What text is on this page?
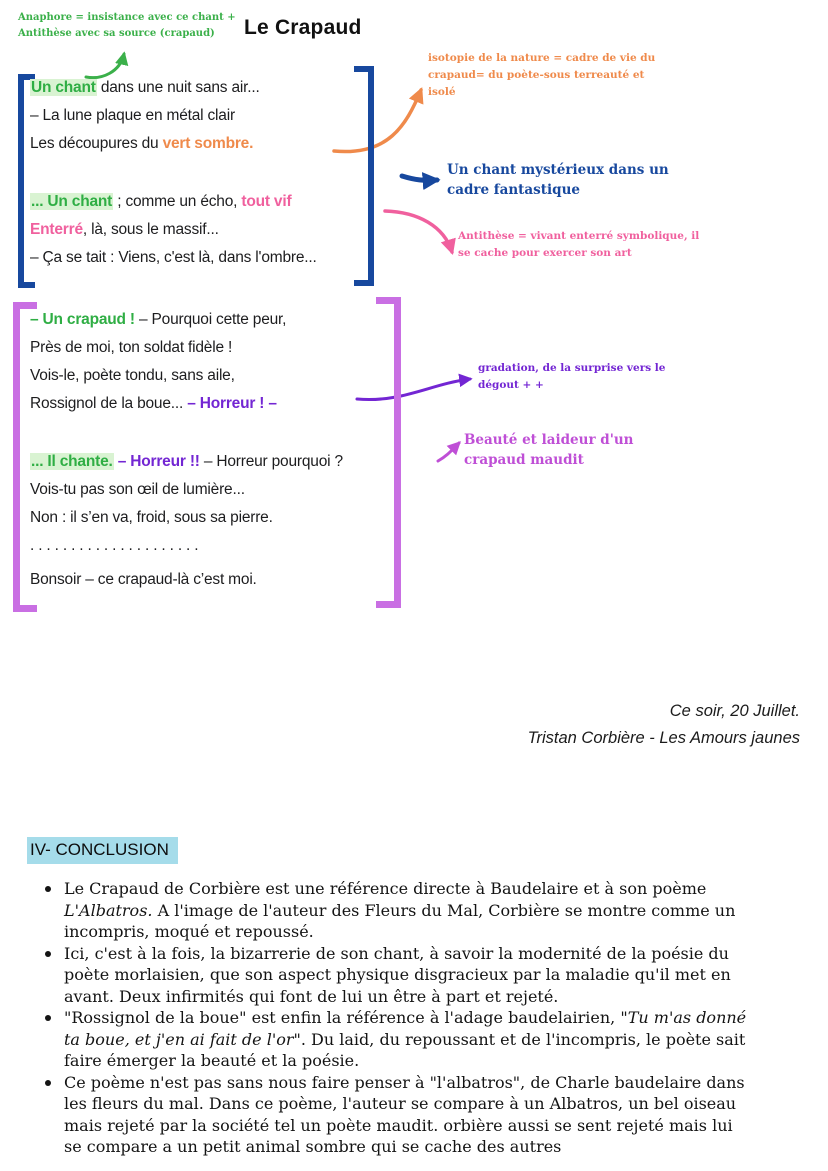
Anaphore = insistance avec ce chant +
Antithèse avec sa source (crapaud)	Le Crapaud
Un chant dans une nuit sans air...
– La lune plaque en métal clair
Les découpures du vert sombre.
... Un chant ; comme un écho, tout vif
Enterré, là, sous le massif...
– Ça se tait : Viens, c'est là, dans l'ombre...
isotopie de la nature = cadre de vie du crapaud= du poète-sous terreauté et isolé
Un chant mystérieux dans un cadre fantastique
Antithèse = vivant enterré symbolique, il se cache pour exercer son art
– Un crapaud ! – Pourquoi cette peur,
Près de moi, ton soldat fidèle !
Vois-le, poète tondu, sans aile,
Rossignol de la boue... – Horreur ! –
... Il chante. – Horreur !! – Horreur pourquoi ?
Vois-tu pas son œil de lumière...
Non : il s’en va, froid, sous sa pierre.
. . . . . . . . . . . . . . . . . . . . .
Bonsoir – ce crapaud-là c’est moi.
gradation, de la surprise vers le dégout + +
Beauté et laideur d'un crapaud maudit
Ce soir, 20 Juillet.
Tristan Corbière - Les Amours jaunes
IV- CONCLUSION
Le Crapaud de Corbière est une référence directe à Baudelaire et à son poème L'Albatros. A l'image de l'auteur des Fleurs du Mal, Corbière se montre comme un incompris, moqué et repoussé.
Ici, c'est à la fois, la bizarrerie de son chant, à savoir la modernité de la poésie du poète morlaisien, que son aspect physique disgracieux par la maladie qu'il met en avant. Deux infirmités qui font de lui un être à part et rejeté.
"Rossignol de la boue" est enfin la référence à l'adage baudelairien, "Tu m'as donné ta boue, et j'en ai fait de l'or". Du laid, du repoussant et de l'incompris, le poète sait faire émerger la beauté et la poésie.
Ce poème n'est pas sans nous faire penser à "l'albatros", de Charle baudelaire dans les fleurs du mal. Dans ce poème, l'auteur se compare à un Albatros, un bel oiseau mais rejeté par la société tel un poète maudit. orbière aussi se sent rejeté mais lui se compare a un petit animal sombre qui se cache des autres
